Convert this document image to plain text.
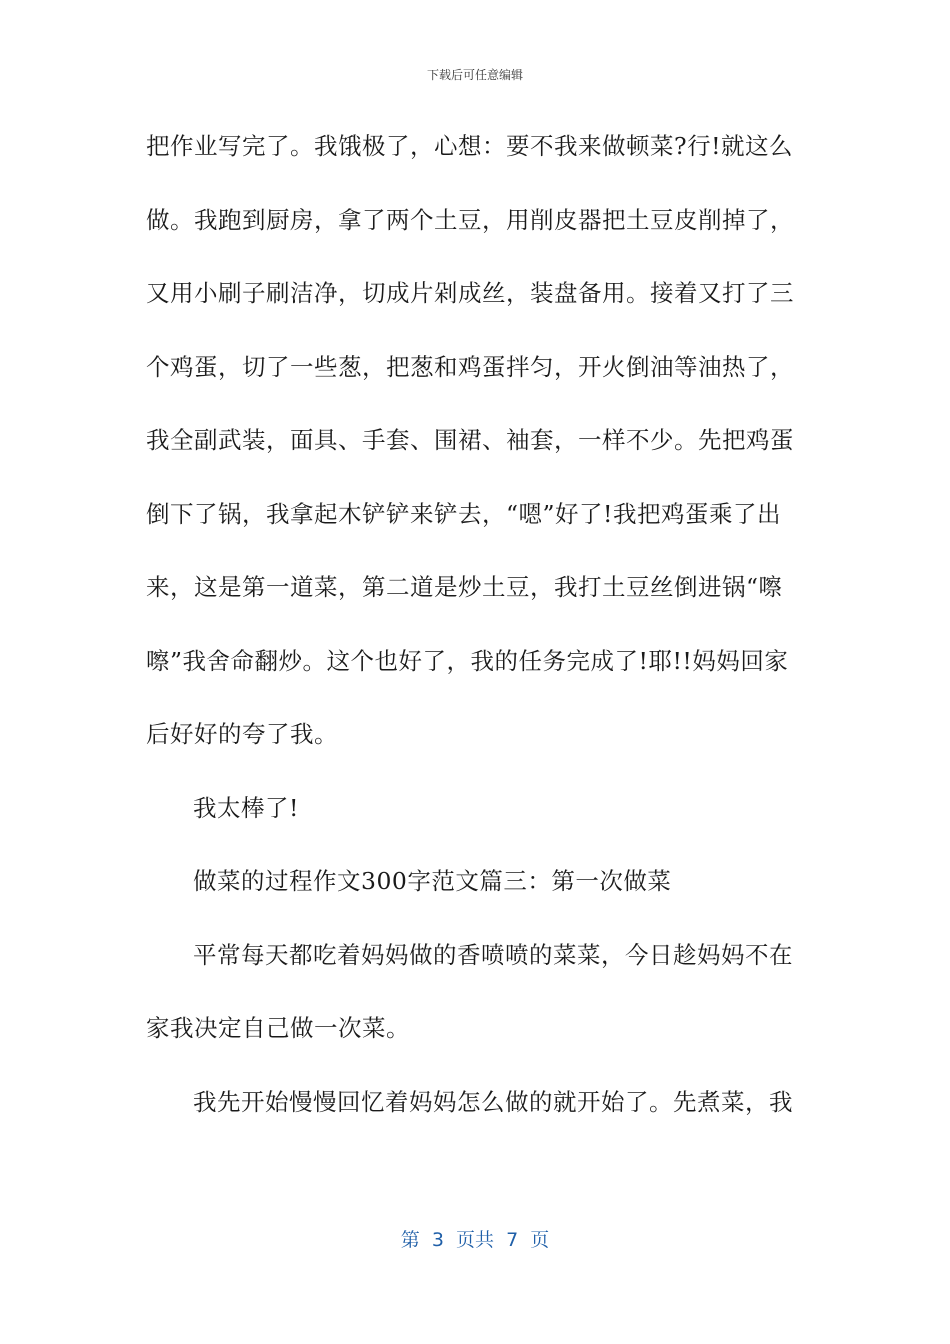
下载后可任意编辑
把作业写完了。我饿极了，心想：要不我来做顿菜?行!就这么
做。我跑到厨房，拿了两个土豆，用削皮器把土豆皮削掉了，
又用小刷子刷洁净，切成片剁成丝，装盘备用。接着又打了三
个鸡蛋，切了一些葱，把葱和鸡蛋拌匀，开火倒油等油热了，
我全副武装，面具、手套、围裙、袖套，一样不少。先把鸡蛋
倒下了锅，我拿起木铲铲来铲去，“嗯”好了!我把鸡蛋乘了出
来，这是第一道菜，第二道是炒土豆，我打土豆丝倒进锅“嚓
嚓”我舍命翻炒。这个也好了，我的任务完成了!耶!!妈妈回家
后好好的夸了我。
我太棒了!
做菜的过程作文300字范文篇三：第一次做菜
平常每天都吃着妈妈做的香喷喷的菜菜，今日趁妈妈不在
家我决定自己做一次菜。
我先开始慢慢回忆着妈妈怎么做的就开始了。先煮菜，我
第  3  页共  7  页
